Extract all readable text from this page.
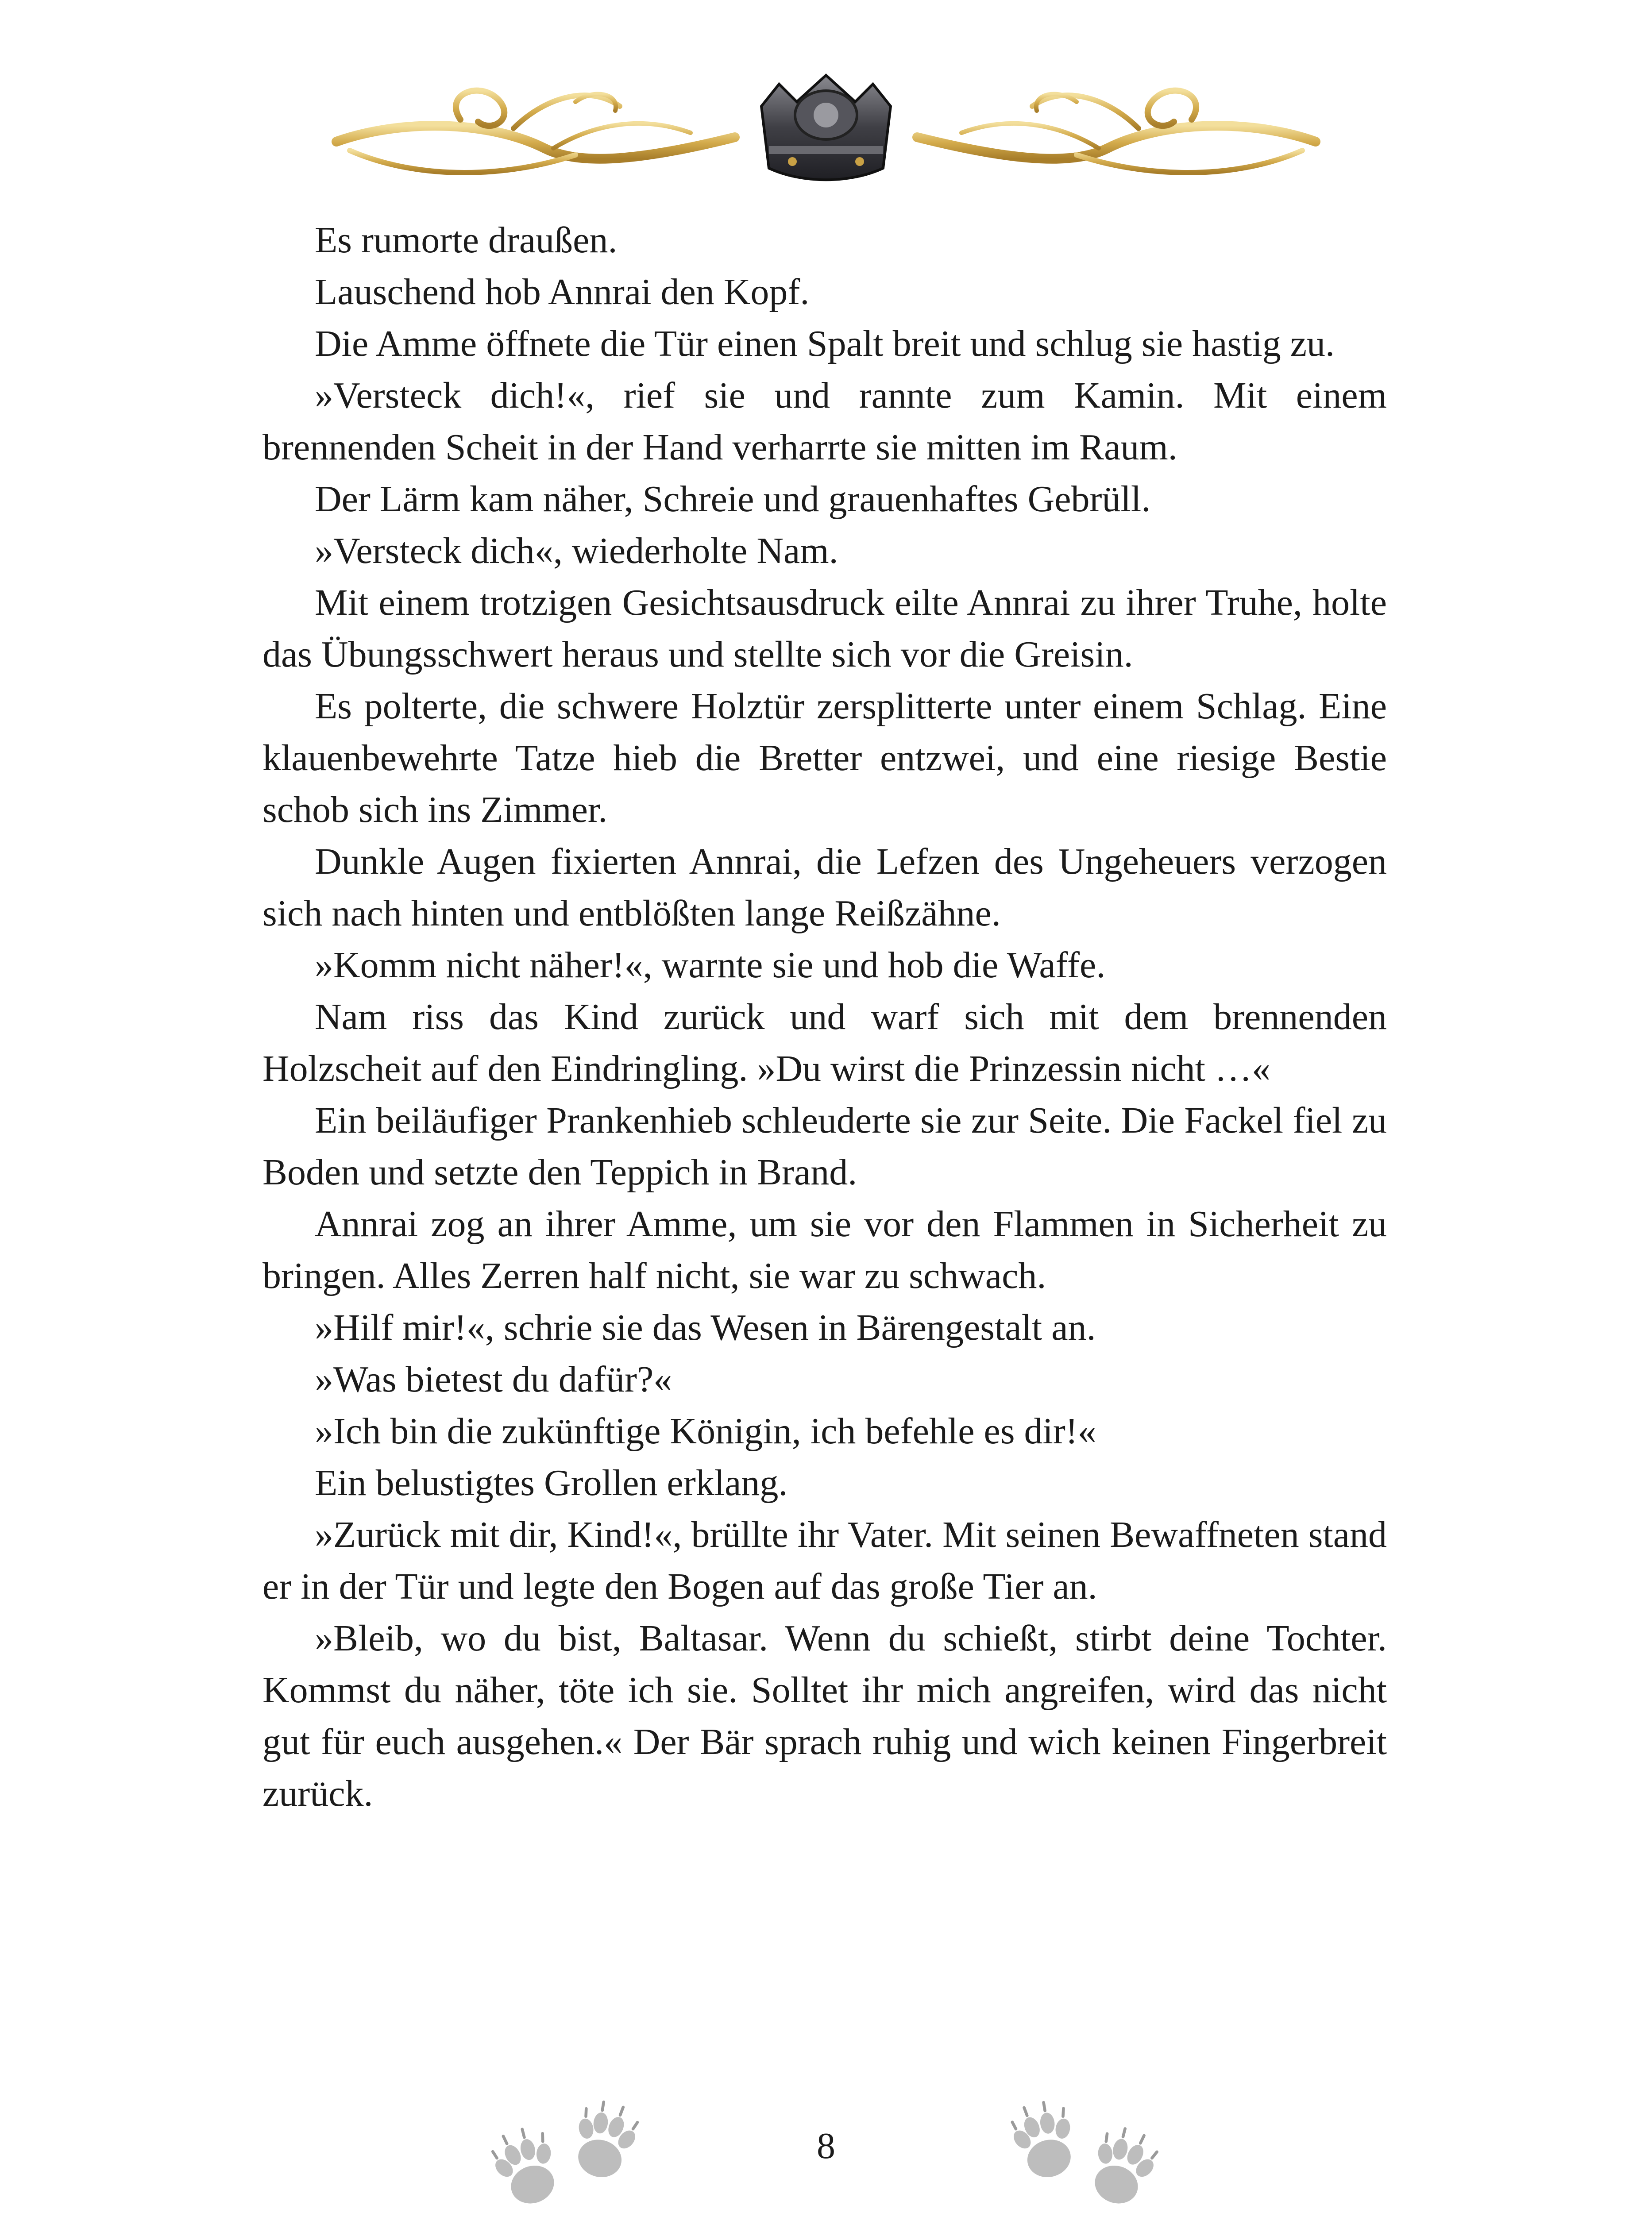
Es rumorte draußen.

Lauschend hob Annrai den Kopf.

Die Amme öffnete die Tür einen Spalt breit und schlug sie hastig zu.

»Versteck dich!«, rief sie und rannte zum Kamin. Mit einem brennenden Scheit in der Hand verharrte sie mitten im Raum.

Der Lärm kam näher, Schreie und grauenhaftes Gebrüll.

»Versteck dich«, wiederholte Nam.

Mit einem trotzigen Gesichtsausdruck eilte Annrai zu ihrer Truhe, holte das Übungsschwert heraus und stellte sich vor die Greisin.

Es polterte, die schwere Holztür zersplitterte unter einem Schlag. Eine klauenbewehrte Tatze hieb die Bretter entzwei, und eine riesige Bestie schob sich ins Zimmer.

Dunkle Augen fixierten Annrai, die Lefzen des Ungeheuers verzogen sich nach hinten und entblößten lange Reißzähne.

»Komm nicht näher!«, warnte sie und hob die Waffe.

Nam riss das Kind zurück und warf sich mit dem brennenden Holzscheit auf den Eindringling. »Du wirst die Prinzessin nicht …«

Ein beiläufiger Prankenhieb schleuderte sie zur Seite. Die Fackel fiel zu Boden und setzte den Teppich in Brand.

Annrai zog an ihrer Amme, um sie vor den Flammen in Sicherheit zu bringen. Alles Zerren half nicht, sie war zu schwach.

»Hilf mir!«, schrie sie das Wesen in Bärengestalt an.

»Was bietest du dafür?«

»Ich bin die zukünftige Königin, ich befehle es dir!«

Ein belustigtes Grollen erklang.

»Zurück mit dir, Kind!«, brüllte ihr Vater. Mit seinen Bewaffneten stand er in der Tür und legte den Bogen auf das große Tier an.

»Bleib, wo du bist, Baltasar. Wenn du schießt, stirbt deine Tochter. Kommst du näher, töte ich sie. Solltet ihr mich angreifen, wird das nicht gut für euch ausgehen.« Der Bär sprach ruhig und wich keinen Fingerbreit zurück.

8
